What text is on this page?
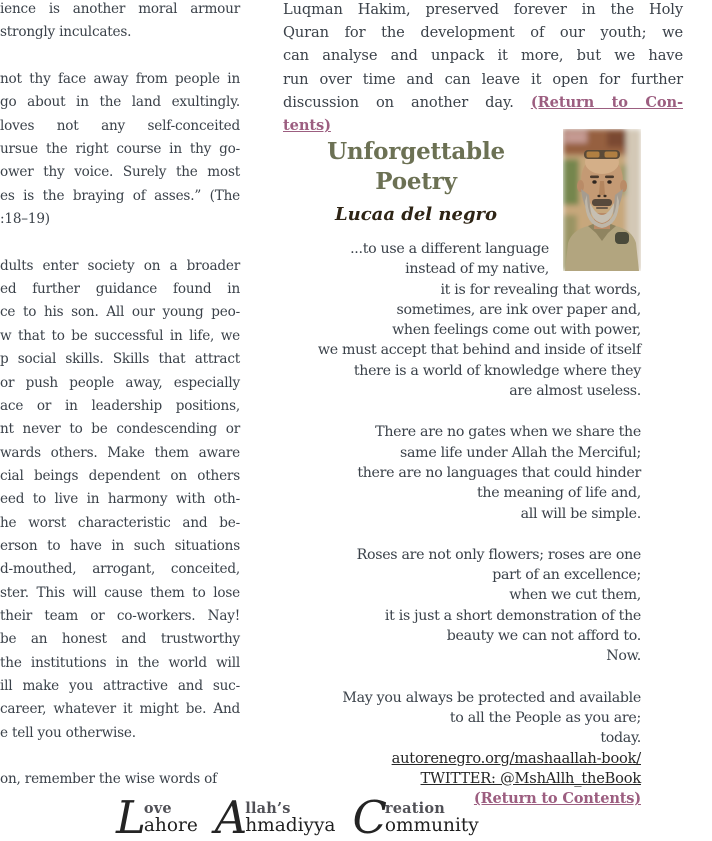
ience is another moral armour
strongly inculcates.
not thy face away from people in
go about in the land exultingly.
loves not any self-conceited
ursue the right course in thy go-
ower thy voice. Surely the most
es is the braying of asses.” (The
:18–19)
dults enter society on a broader
ed further guidance found in
ce to his son. All our young peo-
w that to be successful in life, we
p social skills. Skills that attract
or push people away, especially
ace or in leadership positions,
nt never to be condescending or
wards others. Make them aware
cial beings dependent on others
eed to live in harmony with oth-
he worst characteristic and be-
erson to have in such situations
d-mouthed, arrogant, conceited,
ster. This will cause them to lose
their team or co-workers. Nay!
be an honest and trustworthy
the institutions in the world will
ill make you attractive and suc-
career, whatever it might be. And
e tell you otherwise.
on, remember the wise words of
Luqman Hakim, preserved forever in the Holy
Quran for the development of our youth; we
can analyse and unpack it more, but we have
run over time and can leave it open for further
discussion on another day. (Return to Con-
tents)
Unforgettable Poetry
Lucaa del negro
...to use a different language
instead of my native,
it is for revealing that words,
sometimes, are ink over paper and,
when feelings come out with power,
we must accept that behind and inside of itself
there is a world of knowledge where they
are almost useless.
There are no gates when we share the
same life under Allah the Merciful;
there are no languages that could hinder
the meaning of life and,
all will be simple.
Roses are not only flowers; roses are one
part of an excellence;
when we cut them,
it is just a short demonstration of the
beauty we can not afford to.
Now.
May you always be protected and available
to all the People as you are;
today.
autorenegro.org/mashaallah-book/
TWITTER: @MshAllh_theBook
(Return to Contents)
L
ove
ahore A
llah’s
hmadiyya C
reation
ommunity
